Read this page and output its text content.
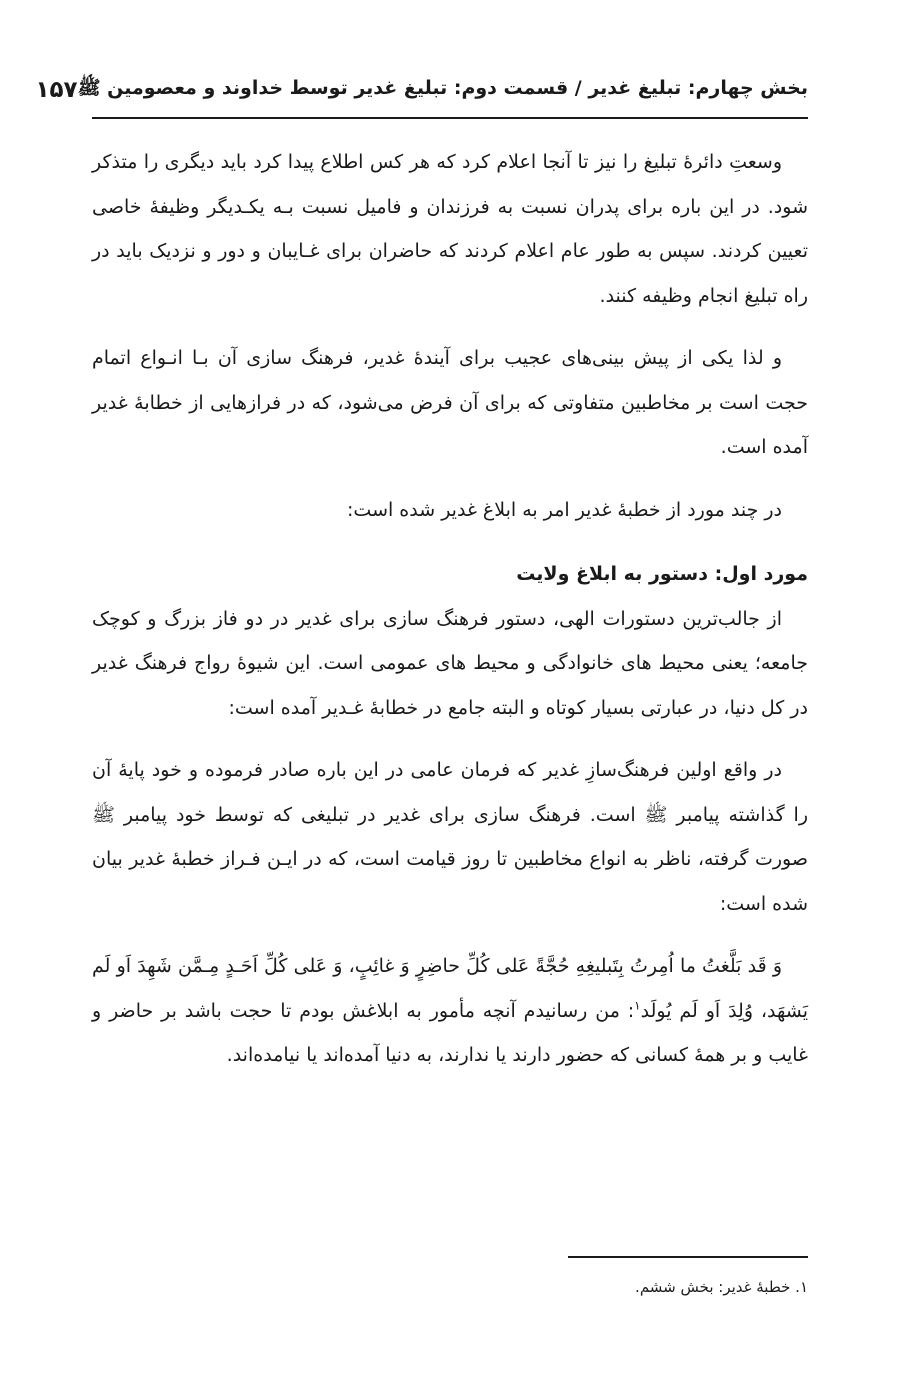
بخش چهارم: تبلیغ غدیر / قسمت دوم: تبلیغ غدیر توسط خداوند و معصومین ﷺ
۱۵۷

وسعتِ دائرۀ تبلیغ را نیز تا آنجا اعلام کرد که هر کس اطلاع پیدا کرد باید دیگری را متذکر شود. در این باره برای پدران نسبت به فرزندان و فامیل نسبت بـه یکـدیگر وظیفۀ خاصی تعیین کردند. سپس به طور عام اعلام کردند که حاضران برای غـایبان و دور و نزدیک باید در راه تبلیغ انجام وظیفه کنند.

و لذا یکی از پیش بینی‌های عجیب برای آیندۀ غدیر، فرهنگ سازی آن بـا انـواع اتمام حجت است بر مخاطبین متفاوتی که برای آن فرض می‌شود، که در فرازهایی از خطابۀ غدیر آمده است.

در چند مورد از خطبۀ غدیر امر به ابلاغ غدیر شده است:

مورد اول: دستور به ابلاغ ولایت

از جالب‌ترین دستورات الهی، دستور فرهنگ سازی برای غدیر در دو فاز بزرگ و کوچک جامعه؛ یعنی محیط های خانوادگی و محیط های عمومی است. این شیوۀ رواج فرهنگ غدیر در کل دنیا، در عبارتی بسیار کوتاه و البته جامع در خطابۀ غـدیر آمده است:

در واقع اولین فرهنگ‌سازِ غدیر که فرمان عامی در این باره صادر فرموده و خود پایۀ آن را گذاشته پیامبر ﷺ است. فرهنگ سازی برای غدیر در تبلیغی که توسط خود پیامبر ﷺ صورت گرفته، ناظر به انواع مخاطبین تا روز قیامت است، که در ایـن فـراز خطبۀ غدیر بیان شده است:

وَ قَد بَلَّغتُ ما اُمِرتُ بِتَبلیغِهِ حُجَّةً عَلی کُلِّ حاضِرٍ وَ غائِبٍ، وَ عَلی کُلِّ اَحَـدٍ مِـمَّن شَهِدَ اَو لَم یَشهَد، وُلِدَ اَو لَم یُولَد$^۱$: من رسانیدم آنچه مأمور به ابلاغش بودم تا حجت باشد بر حاضر و غایب و بر همۀ کسانی که حضور دارند یا ندارند، به دنیا آمده‌اند یا نیامده‌اند.

۱. خطبۀ غدیر: بخش ششم.
